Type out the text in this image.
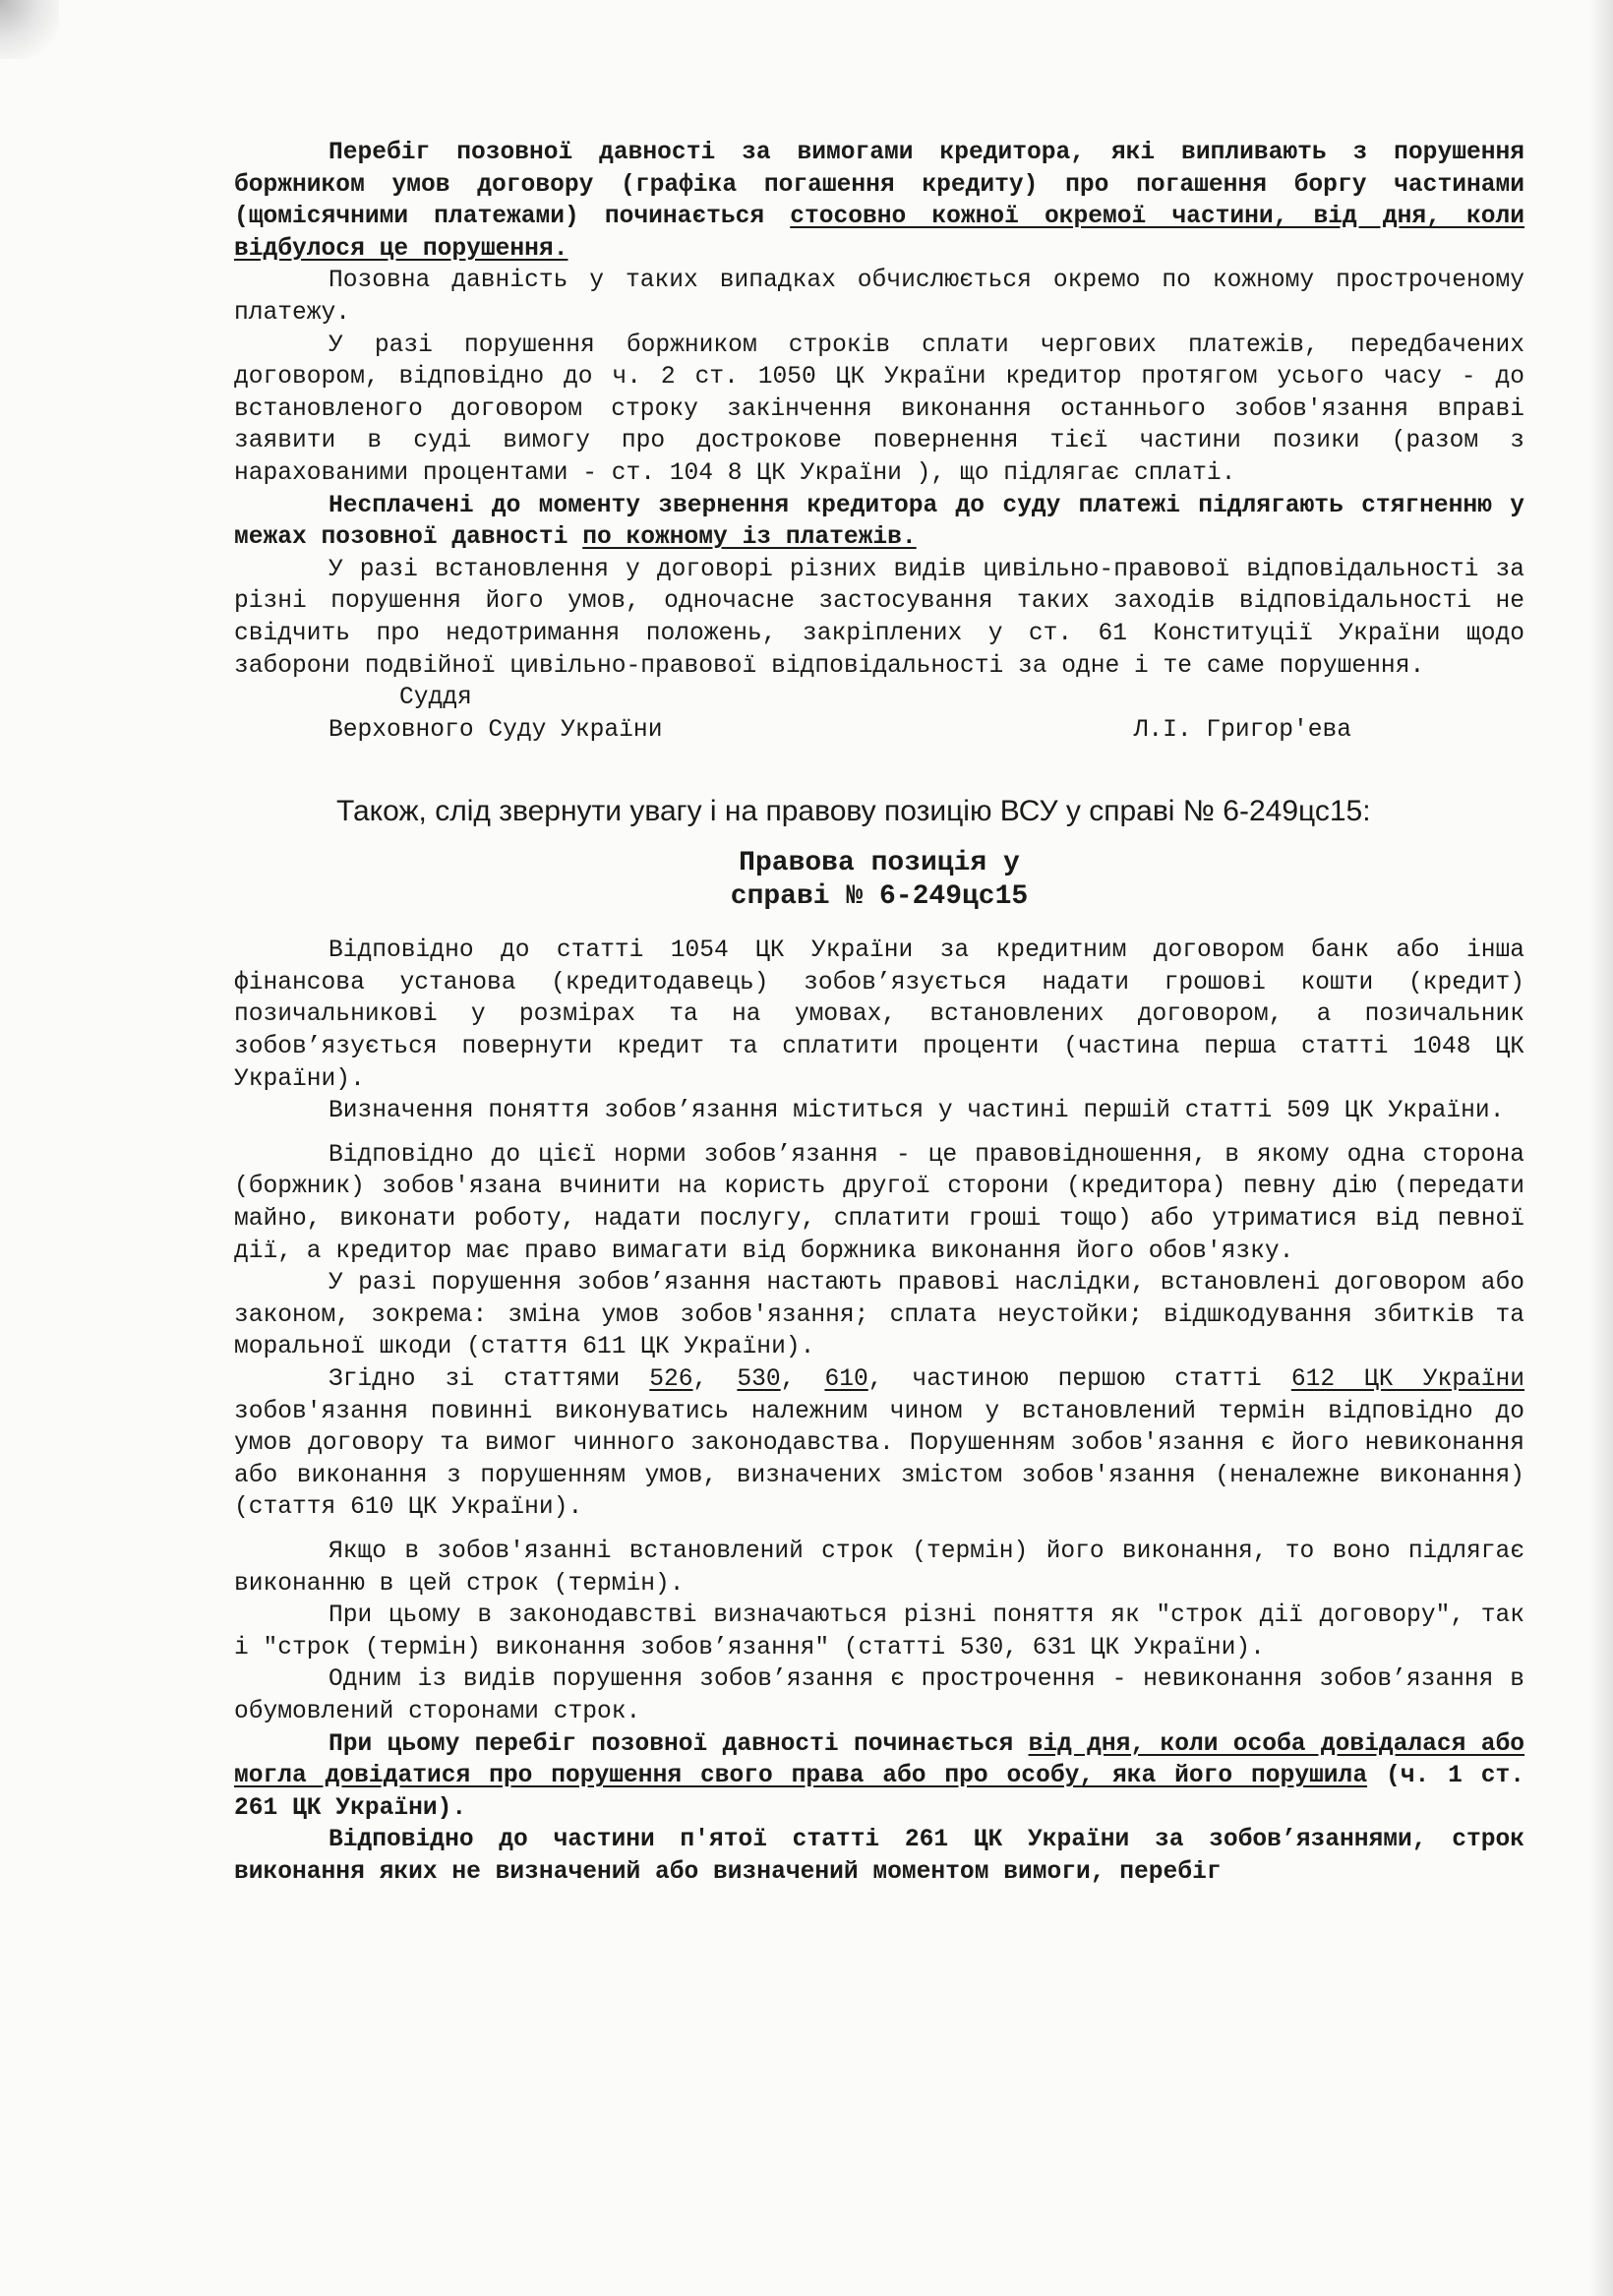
Перебіг позовної давності за вимогами кредитора, які випливають з порушення боржником умов договору (графіка погашення кредиту) про погашення боргу частинами (щомісячними платежами) починається стосовно кожної окремої частини, від дня, коли відбулося це порушення.

Позовна давність у таких випадках обчислюється окремо по кожному простроченому платежу.

У разі порушення боржником строків сплати чергових платежів, передбачених договором, відповідно до ч. 2 ст. 1050 ЦК України кредитор протягом усього часу - до встановленого договором строку закінчення виконання останнього зобов'язання вправі заявити в суді вимогу про дострокове повернення тієї частини позики (разом з нарахованими процентами - ст. 104 8 ЦК України ), що підлягає сплаті.

Несплачені до моменту звернення кредитора до суду платежі підлягають стягненню у межах позовної давності по кожному із платежів.

У разі встановлення у договорі різних видів цивільно-правової відповідальності за різні порушення його умов, одночасне застосування таких заходів відповідальності не свідчить про недотримання положень, закріплених у ст. 61 Конституції України щодо заборони подвійної цивільно-правової відповідальності за одне і те саме порушення.

Суддя

Верховного Суду України	Л.І. Григор'ева

Також, слід звернути увагу і на правову позицію ВСУ у справі № 6-249цс15:

Правова позиція у
справі № 6-249цс15

Відповідно до статті 1054 ЦК України за кредитним договором банк або інша фінансова установа (кредитодавець) зобов’язується надати грошові кошти (кредит) позичальникові у розмірах та на умовах, встановлених договором, а позичальник зобов’язується повернути кредит та сплатити проценти (частина перша статті 1048 ЦК України).

Визначення поняття зобов’язання міститься у частині першій статті 509 ЦК України.

Відповідно до цієї норми зобов’язання - це правовідношення, в якому одна сторона (боржник) зобов'язана вчинити на користь другої сторони (кредитора) певну дію (передати майно, виконати роботу, надати послугу, сплатити гроші тощо) або утриматися від певної дії, а кредитор має право вимагати від боржника виконання його обов'язку.

У разі порушення зобов’язання настають правові наслідки, встановлені договором або законом, зокрема: зміна умов зобов'язання; сплата неустойки; відшкодування збитків та моральної шкоди (стаття 611 ЦК України).

Згідно зі статтями 526, 530, 610, частиною першою статті 612 ЦК України зобов'язання повинні виконуватись належним чином у встановлений термін відповідно до умов договору та вимог чинного законодавства. Порушенням зобов'язання є його невиконання або виконання з порушенням умов, визначених змістом зобов'язання (неналежне виконання) (стаття 610 ЦК України).

Якщо в зобов'язанні встановлений строк (термін) його виконання, то воно підлягає виконанню в цей строк (термін).

При цьому в законодавстві визначаються різні поняття як "строк дії договору", так і "строк (термін) виконання зобов’язання" (статті 530, 631 ЦК України).

Одним із видів порушення зобов’язання є прострочення - невиконання зобов’язання в обумовлений сторонами строк.

При цьому перебіг позовної давності починається від дня, коли особа довідалася або могла довідатися про порушення свого права або про особу, яка його порушила (ч. 1 ст. 261 ЦК України).

Відповідно до частини п'ятої статті 261 ЦК України за зобов’язаннями, строк виконання яких не визначений або визначений моментом вимоги, перебіг
